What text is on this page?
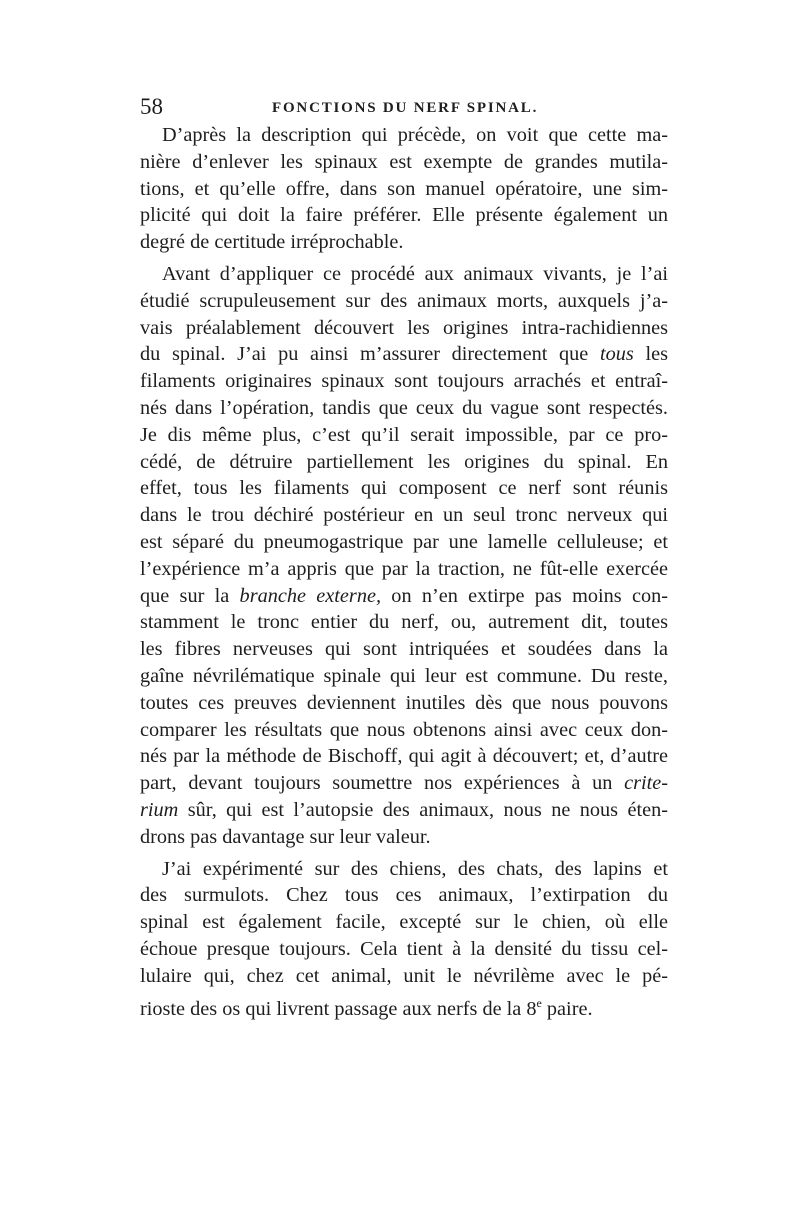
58	FONCTIONS DU NERF SPINAL.
D’après la description qui précède, on voit que cette ma-
nière d’enlever les spinaux est exempte de grandes mutila-
tions, et qu’elle offre, dans son manuel opératoire, une sim-
plicité qui doit la faire préférer. Elle présente également un
degré de certitude irréprochable.
Avant d’appliquer ce procédé aux animaux vivants, je l’ai
étudié scrupuleusement sur des animaux morts, auxquels j’a-
vais préalablement découvert les origines intra-rachidiennes
du spinal. J’ai pu ainsi m’assurer directement que tous les
filaments originaires spinaux sont toujours arrachés et entraî-
nés dans l’opération, tandis que ceux du vague sont respectés.
Je dis même plus, c’est qu’il serait impossible, par ce pro-
cédé, de détruire partiellement les origines du spinal. En
effet, tous les filaments qui composent ce nerf sont réunis
dans le trou déchiré postérieur en un seul tronc nerveux qui
est séparé du pneumogastrique par une lamelle celluleuse; et
l’expérience m’a appris que par la traction, ne fût-elle exercée
que sur la branche externe, on n’en extirpe pas moins con-
stamment le tronc entier du nerf, ou, autrement dit, toutes
les fibres nerveuses qui sont intriquées et soudées dans la
gaîne névrilématique spinale qui leur est commune. Du reste,
toutes ces preuves deviennent inutiles dès que nous pouvons
comparer les résultats que nous obtenons ainsi avec ceux don-
nés par la méthode de Bischoff, qui agit à découvert; et, d’autre
part, devant toujours soumettre nos expériences à un crite-
rium sûr, qui est l’autopsie des animaux, nous ne nous éten-
drons pas davantage sur leur valeur.
J’ai expérimenté sur des chiens, des chats, des lapins et
des surmulots. Chez tous ces animaux, l’extirpation du
spinal est également facile, excepté sur le chien, où elle
échoue presque toujours. Cela tient à la densité du tissu cel-
lulaire qui, chez cet animal, unit le névrilème avec le pé-
rioste des os qui livrent passage aux nerfs de la 8e paire.
